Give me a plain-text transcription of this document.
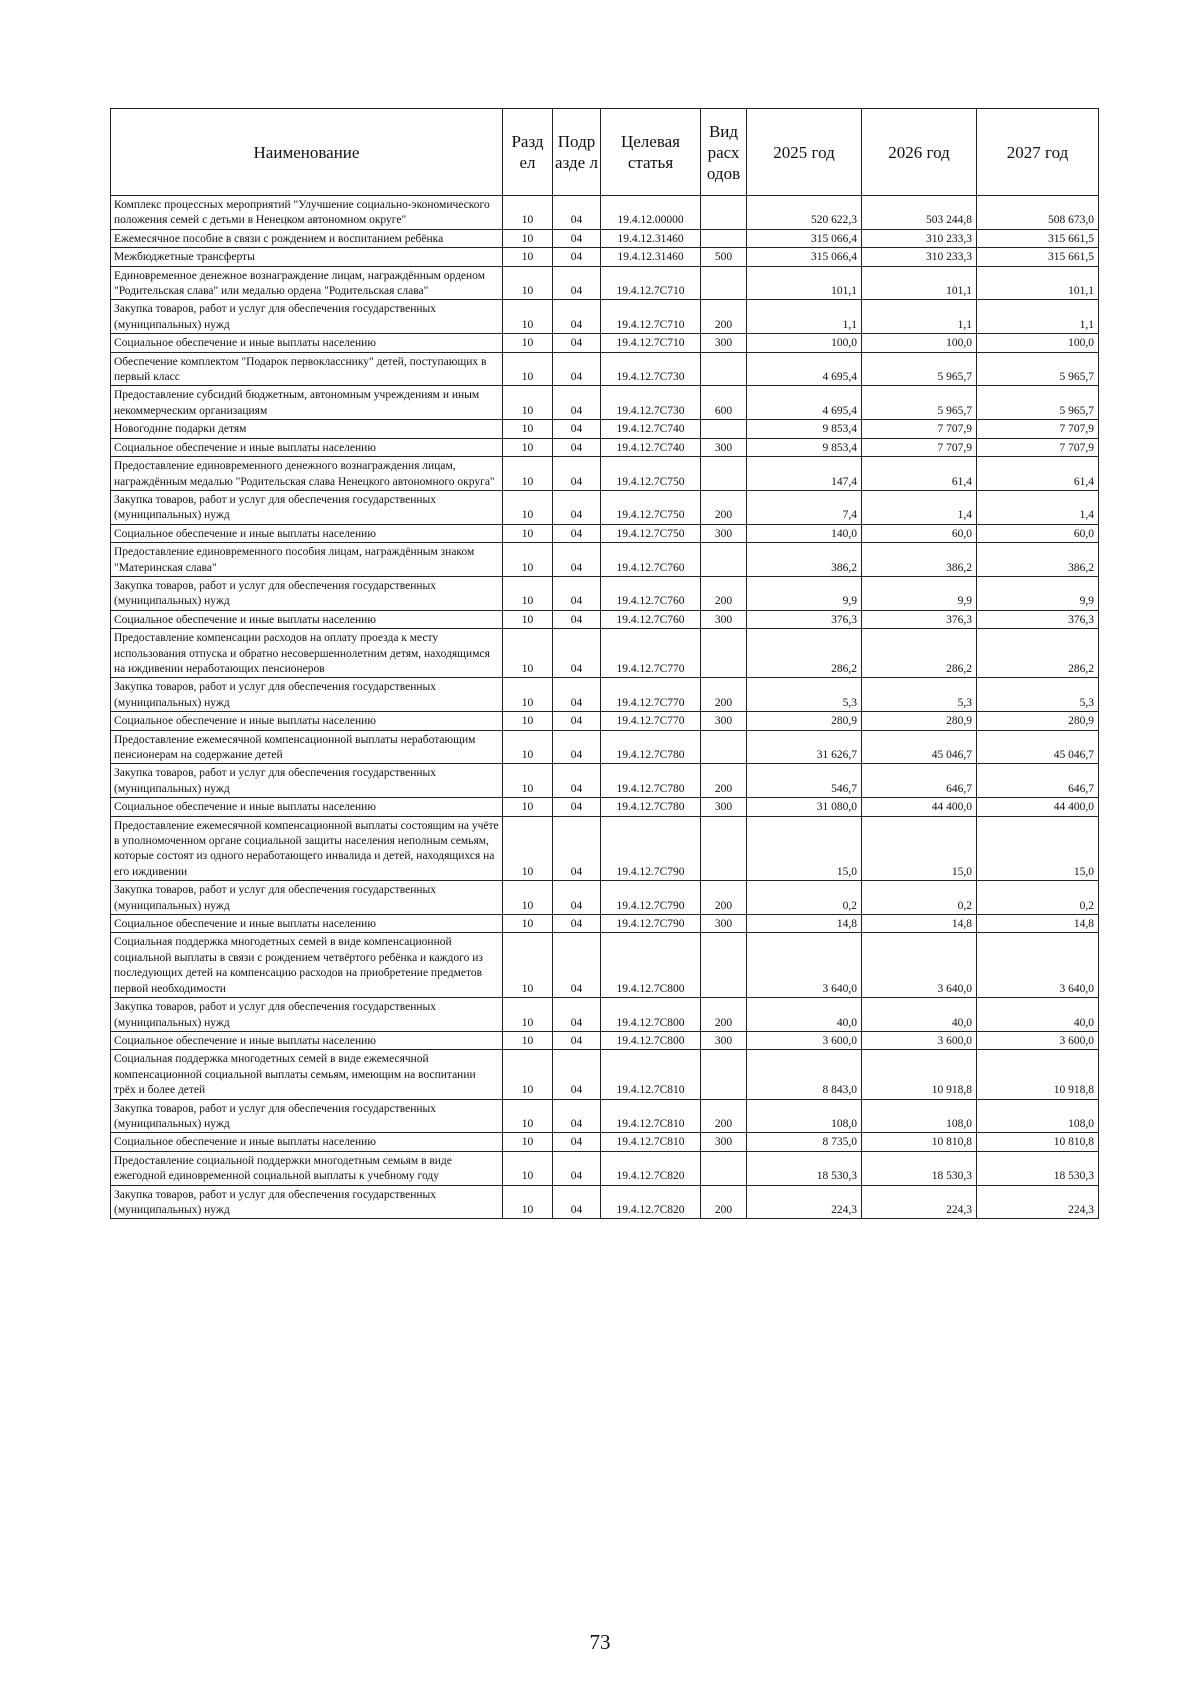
Наименование	Разд ел	Подр азде л	Целевая статья	Вид расх одов	2025 год	2026 год	2027 год
Комплекс процессных мероприятий "Улучшение социально-экономического положения семей с детьми в Ненецком автономном округе"	10	04	19.4.12.00000		520 622,3	503 244,8	508 673,0
Ежемесячное пособие в связи с рождением и воспитанием ребёнка	10	04	19.4.12.31460		315 066,4	310 233,3	315 661,5
Межбюджетные трансферты	10	04	19.4.12.31460	500	315 066,4	310 233,3	315 661,5
Единовременное денежное вознаграждение лицам, награждённым орденом "Родительская слава" или медалью ордена "Родительская слава"	10	04	19.4.12.7С710		101,1	101,1	101,1
Закупка товаров, работ и услуг для обеспечения государственных (муниципальных) нужд	10	04	19.4.12.7С710	200	1,1	1,1	1,1
Социальное обеспечение и иные выплаты населению	10	04	19.4.12.7С710	300	100,0	100,0	100,0
Обеспечение комплектом "Подарок первокласснику" детей, поступающих в первый класс	10	04	19.4.12.7С730		4 695,4	5 965,7	5 965,7
Предоставление субсидий бюджетным, автономным учреждениям и иным некоммерческим организациям	10	04	19.4.12.7С730	600	4 695,4	5 965,7	5 965,7
Новогодние подарки детям	10	04	19.4.12.7С740		9 853,4	7 707,9	7 707,9
Социальное обеспечение и иные выплаты населению	10	04	19.4.12.7С740	300	9 853,4	7 707,9	7 707,9
Предоставление единовременного денежного вознаграждения лицам, награждённым медалью "Родительская слава Ненецкого автономного округа"	10	04	19.4.12.7С750		147,4	61,4	61,4
Закупка товаров, работ и услуг для обеспечения государственных (муниципальных) нужд	10	04	19.4.12.7С750	200	7,4	1,4	1,4
Социальное обеспечение и иные выплаты населению	10	04	19.4.12.7С750	300	140,0	60,0	60,0
Предоставление единовременного пособия лицам, награждённым знаком "Материнская слава"	10	04	19.4.12.7С760		386,2	386,2	386,2
Закупка товаров, работ и услуг для обеспечения государственных (муниципальных) нужд	10	04	19.4.12.7С760	200	9,9	9,9	9,9
Социальное обеспечение и иные выплаты населению	10	04	19.4.12.7С760	300	376,3	376,3	376,3
Предоставление компенсации расходов на оплату проезда к месту использования отпуска и обратно несовершеннолетним детям, находящимся на иждивении неработающих пенсионеров	10	04	19.4.12.7С770		286,2	286,2	286,2
Закупка товаров, работ и услуг для обеспечения государственных (муниципальных) нужд	10	04	19.4.12.7С770	200	5,3	5,3	5,3
Социальное обеспечение и иные выплаты населению	10	04	19.4.12.7С770	300	280,9	280,9	280,9
Предоставление ежемесячной компенсационной выплаты неработающим пенсионерам на содержание детей	10	04	19.4.12.7С780		31 626,7	45 046,7	45 046,7
Закупка товаров, работ и услуг для обеспечения государственных (муниципальных) нужд	10	04	19.4.12.7С780	200	546,7	646,7	646,7
Социальное обеспечение и иные выплаты населению	10	04	19.4.12.7С780	300	31 080,0	44 400,0	44 400,0
Предоставление ежемесячной компенсационной выплаты состоящим на учёте в уполномоченном органе социальной защиты населения неполным семьям, которые состоят из одного неработающего инвалида и детей, находящихся на его иждивении	10	04	19.4.12.7С790		15,0	15,0	15,0
Закупка товаров, работ и услуг для обеспечения государственных (муниципальных) нужд	10	04	19.4.12.7С790	200	0,2	0,2	0,2
Социальное обеспечение и иные выплаты населению	10	04	19.4.12.7С790	300	14,8	14,8	14,8
Социальная поддержка многодетных семей в виде компенсационной социальной выплаты в связи с рождением четвёртого ребёнка и каждого из последующих детей на компенсацию расходов на приобретение предметов первой необходимости	10	04	19.4.12.7С800		3 640,0	3 640,0	3 640,0
Закупка товаров, работ и услуг для обеспечения государственных (муниципальных) нужд	10	04	19.4.12.7С800	200	40,0	40,0	40,0
Социальное обеспечение и иные выплаты населению	10	04	19.4.12.7С800	300	3 600,0	3 600,0	3 600,0
Социальная поддержка многодетных семей в виде ежемесячной компенсационной социальной выплаты семьям, имеющим на воспитании трёх и более детей	10	04	19.4.12.7С810		8 843,0	10 918,8	10 918,8
Закупка товаров, работ и услуг для обеспечения государственных (муниципальных) нужд	10	04	19.4.12.7С810	200	108,0	108,0	108,0
Социальное обеспечение и иные выплаты населению	10	04	19.4.12.7С810	300	8 735,0	10 810,8	10 810,8
Предоставление социальной поддержки многодетным семьям в виде ежегодной единовременной социальной выплаты к учебному году	10	04	19.4.12.7С820		18 530,3	18 530,3	18 530,3
Закупка товаров, работ и услуг для обеспечения государственных (муниципальных) нужд	10	04	19.4.12.7С820	200	224,3	224,3	224,3
73
